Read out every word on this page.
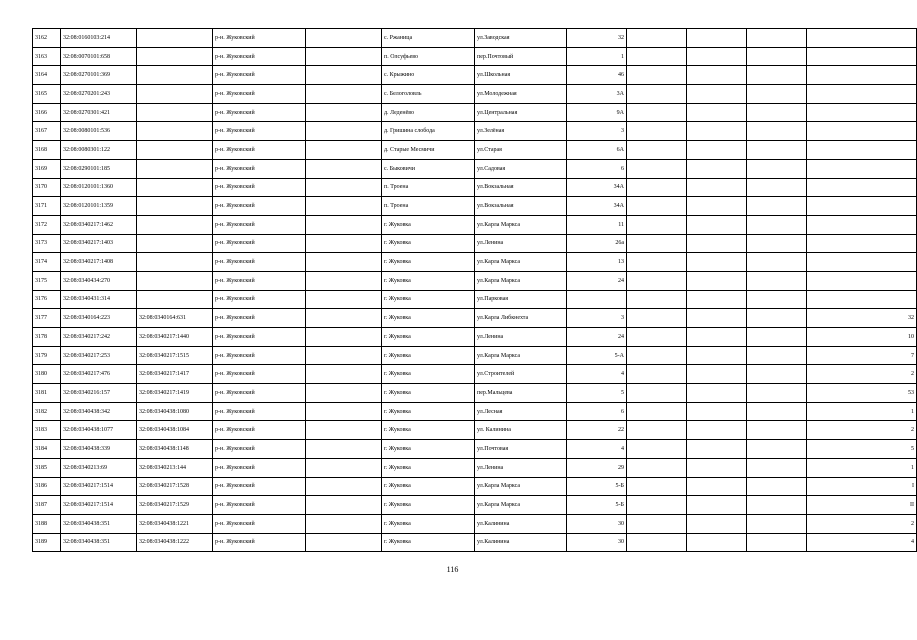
3162	32:08:0160103:214		р-н. Жуковский		с. Ржаница	ул.Заводская	32				
3163	32:08:0070101:658		р-н. Жуковский		п. Олсуфьево	пер.Почтовый	1				
3164	32:08:0270101:369		р-н. Жуковский		с. Крыжино	ул.Школьная	46				
3165	32:08:0270201:243		р-н. Жуковский		с. Белоголовль	ул.Молодежная	3А				
3166	32:08:0270301:421		р-н. Жуковский		д. Леденёво	ул.Центральная	9А				
3167	32:08:0080101:536		р-н. Жуковский		д. Гришина слобода	ул.Зелёная	3				
3168	32:08:0080301:122		р-н. Жуковский		д. Старые Месмичи	ул.Старая	6А				
3169	32:08:0290101:185		р-н. Жуковский		с. Быковичи	ул.Садовая	6				
3170	32:08:0120101:1360		р-н. Жуковский		п. Троена	ул.Вокзальная	34А				
3171	32:08:0120101:1359		р-н. Жуковский		п. Троена	ул.Вокзальная	34А				
3172	32:08:0340217:1462		р-н. Жуковский		г. Жуковка	ул.Карла Маркса	11				
3173	32:08:0340217:1403		р-н. Жуковский		г. Жуковка	ул.Ленина	26а				
3174	32:08:0340217:1408		р-н. Жуковский		г. Жуковка	ул.Карла Маркса	13				
3175	32:08:0340434:270		р-н. Жуковский		г. Жуковка	ул.Карла Маркса	24				
3176	32:08:0340431:314		р-н. Жуковский		г. Жуковка	ул.Парковая					
3177	32:08:0340164:223	32:08:0340164:631	р-н. Жуковский		г. Жуковка	ул.Карла Либкнехта	3				32
3178	32:08:0340217:242	32:08:0340217:1440	р-н. Жуковский		г. Жуковка	ул.Ленина	24				10
3179	32:08:0340217:253	32:08:0340217:1515	р-н. Жуковский		г. Жуковка	ул.Карла Маркса	5-А				7
3180	32:08:0340217:476	32:08:0340217:1417	р-н. Жуковский		г. Жуковка	ул.Строителей	4				2
3181	32:08:0340216:157	32:08:0340217:1419	р-н. Жуковский		г. Жуковка	пер.Мальцева	5				53
3182	32:08:0340438:342	32:08:0340438:1080	р-н. Жуковский		г. Жуковка	ул.Лесная	6				1
3183	32:08:0340438:1077	32:08:0340438:1084	р-н. Жуковский		г. Жуковка	ул. Калинина	22				2
3184	32:08:0340438:339	32:08:0340438:1148	р-н. Жуковский		г. Жуковка	ул.Почтовая	4				5
3185	32:08:0340213:69	32:08:0340213:144	р-н. Жуковский		г. Жуковка	ул.Ленина	29				1
3186	32:08:0340217:1514	32:08:0340217:1528	р-н. Жуковский		г. Жуковка	ул.Карла Маркса	5-Б				I
3187	32:08:0340217:1514	32:08:0340217:1529	р-н. Жуковский		г. Жуковка	ул.Карла Маркса	5-Б				II
3188	32:08:0340438:351	32:08:0340438:1221	р-н. Жуковский		г. Жуковка	ул.Калинина	30				2
3189	32:08:0340438:351	32:08:0340438:1222	р-н. Жуковский		г. Жуковка	ул.Калинина	30				4
116
